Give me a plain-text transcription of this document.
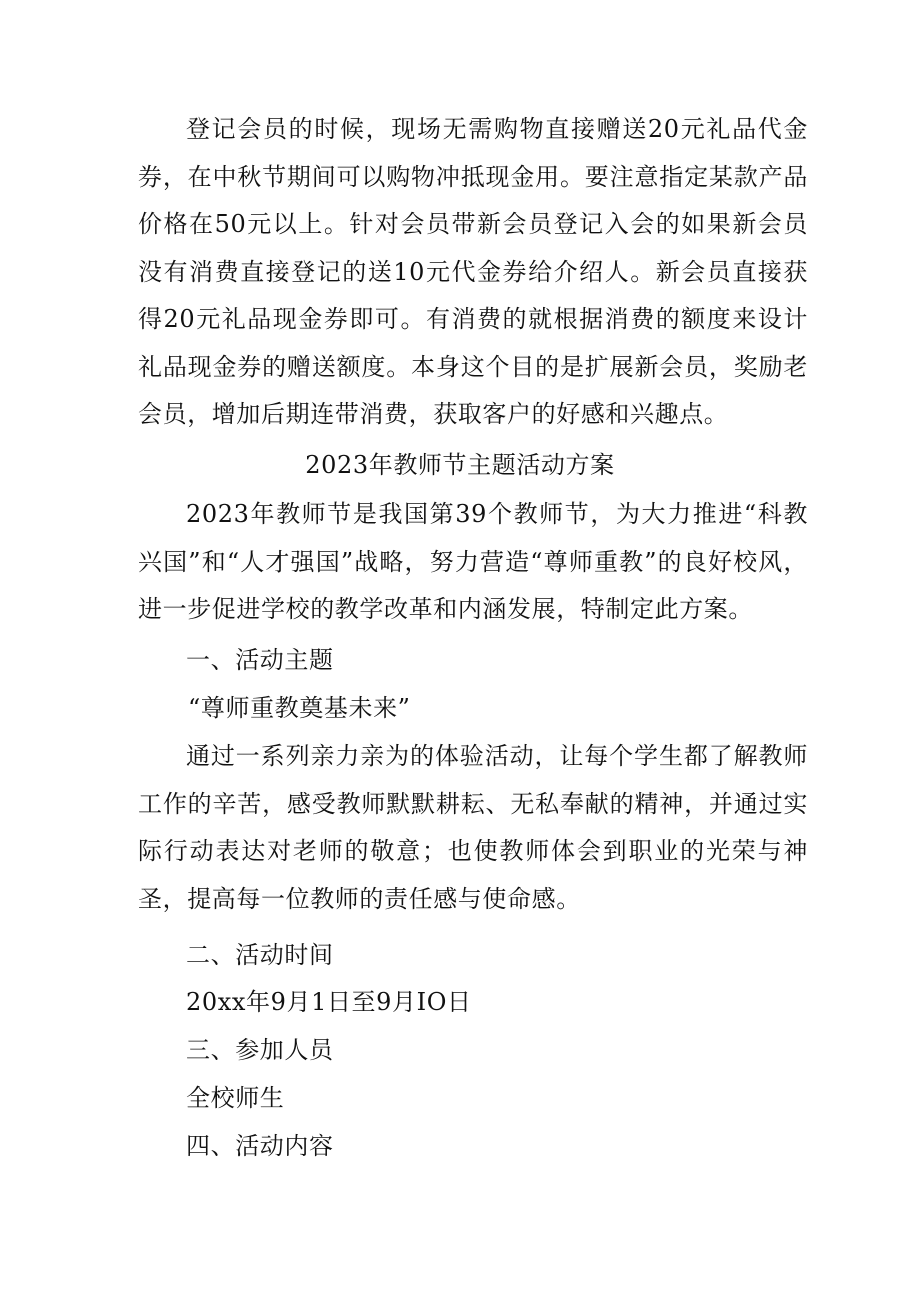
登记会员的时候，现场无需购物直接赠送20元礼品代金券，在中秋节期间可以购物冲抵现金用。要注意指定某款产品价格在50元以上。针对会员带新会员登记入会的如果新会员没有消费直接登记的送10元代金券给介绍人。新会员直接获得20元礼品现金券即可。有消费的就根据消费的额度来设计礼品现金券的赠送额度。本身这个目的是扩展新会员，奖励老会员，增加后期连带消费，获取客户的好感和兴趣点。

2023年教师节主题活动方案

2023年教师节是我国第39个教师节，为大力推进“科教兴国”和“人才强国”战略，努力营造“尊师重教”的良好校风，进一步促进学校的教学改革和内涵发展，特制定此方案。

一、活动主题

“尊师重教奠基未来”

通过一系列亲力亲为的体验活动，让每个学生都了解教师工作的辛苦，感受教师默默耕耘、无私奉献的精神，并通过实际行动表达对老师的敬意；也使教师体会到职业的光荣与神圣，提高每一位教师的责任感与使命感。

二、活动时间

20xx年9月1日至9月IO日

三、参加人员

全校师生

四、活动内容
